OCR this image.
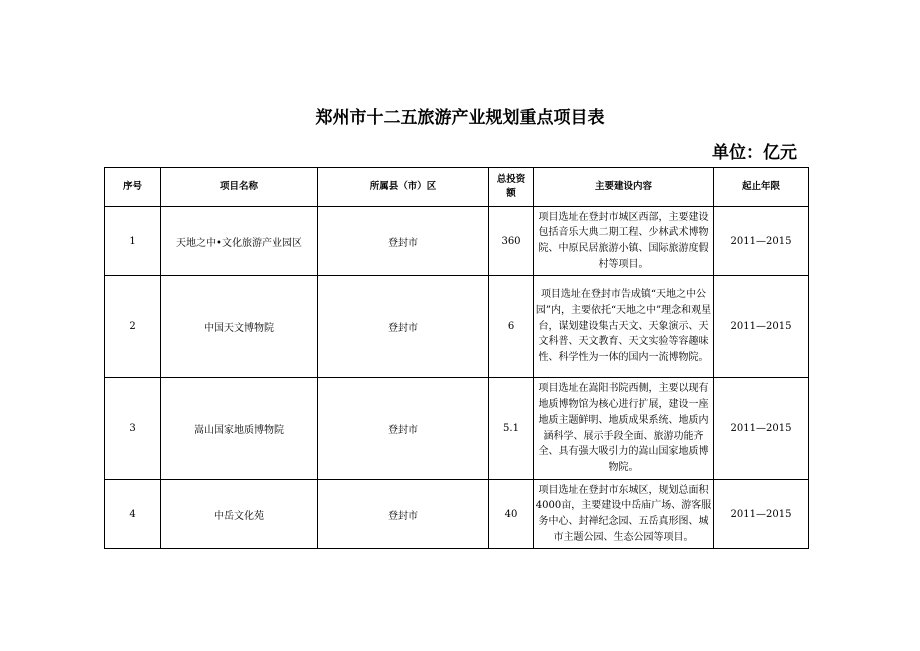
郑州市十二五旅游产业规划重点项目表
单位：亿元
序号	项目名称	所属县（市）区	总投资额	主要建设内容	起止年限
1	天地之中•文化旅游产业园区	登封市	360	项目选址在登封市城区西部，主要建设包括音乐大典二期工程、少林武术博物院、中原民居旅游小镇、国际旅游度假村等项目。	2011—2015
2	中国天文博物院	登封市	6	项目选址在登封市告成镇“天地之中公园”内，主要依托“天地之中”理念和观星台，谋划建设集古天文、天象演示、天文科普、天文教育、天文实验等容趣味性、科学性为一体的国内一流博物院。	2011—2015
3	嵩山国家地质博物院	登封市	5.1	项目选址在嵩阳书院西侧，主要以现有地质博物馆为核心进行扩展，建设一座地质主题鲜明、地质成果系统、地质内涵科学、展示手段全面、旅游功能齐全、具有强大吸引力的嵩山国家地质博物院。	2011—2015
4	中岳文化苑	登封市	40	项目选址在登封市东城区，规划总面积4000亩，主要建设中岳庙广场、游客服务中心、封禅纪念园、五岳真形图、城市主题公园、生态公园等项目。	2011—2015
